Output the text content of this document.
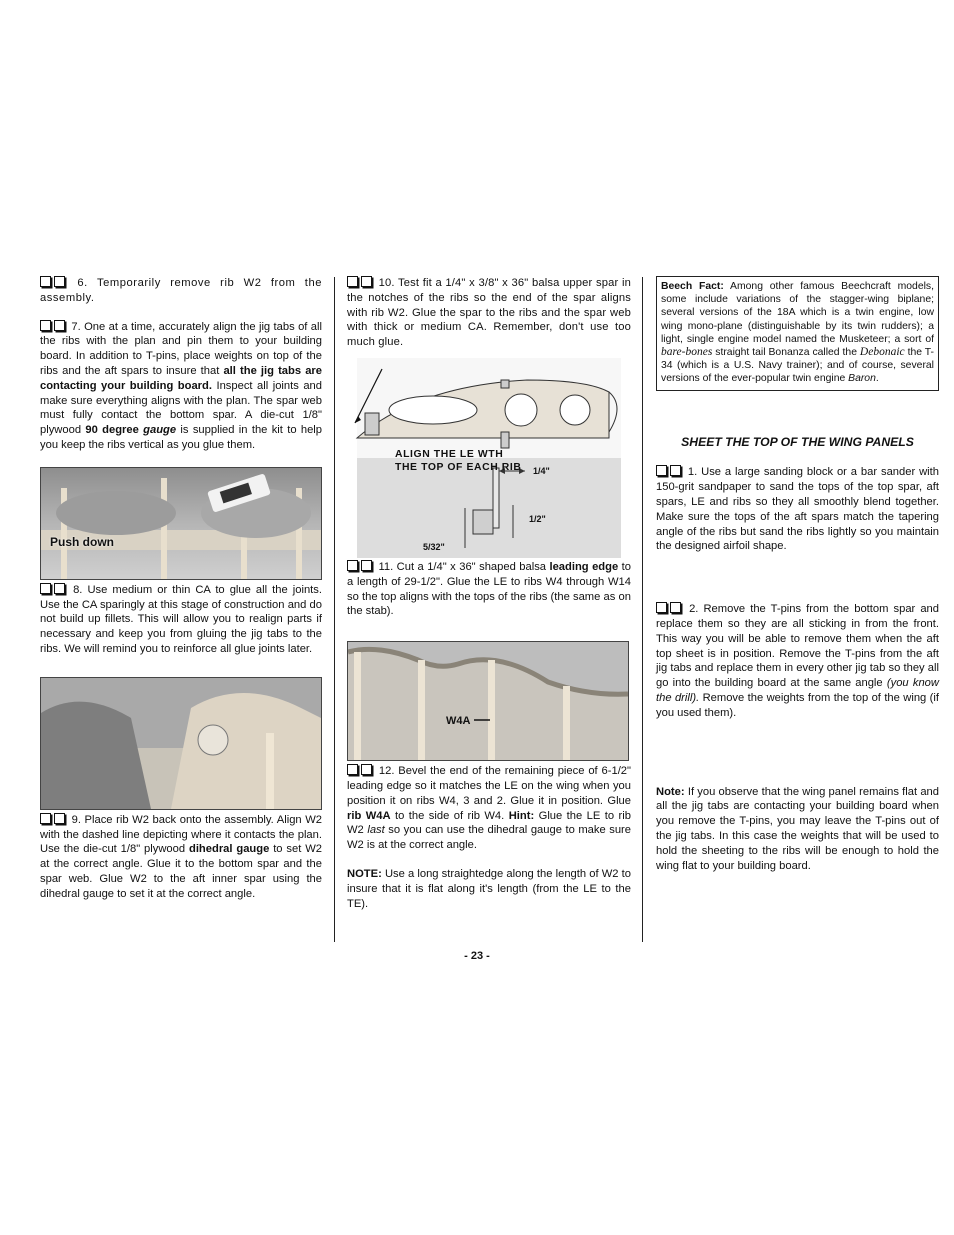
6. Temporarily remove rib W2 from the assembly.

7. One at a time, accurately align the jig tabs of all the ribs with the plan and pin them to your building board. In addition to T-pins, place weights on top of the ribs and the aft spars to insure that all the jig tabs are contacting your building board. Inspect all joints and make sure everything aligns with the plan. The spar web must fully contact the bottom spar. A die-cut 1/8" plywood 90 degree gauge is supplied in the kit to help you keep the ribs vertical as you glue them.

Push down

8. Use medium or thin CA to glue all the joints. Use the CA sparingly at this stage of construction and do not build up fillets. This will allow you to realign parts if necessary and keep you from gluing the jig tabs to the ribs. We will remind you to reinforce all glue joints later.

9. Place rib W2 back onto the assembly. Align W2 with the dashed line depicting where it contacts the plan. Use the die-cut 1/8" plywood dihedral gauge to set W2 at the correct angle. Glue it to the bottom spar and the spar web. Glue W2 to the aft inner spar using the dihedral gauge to set it at the correct angle.

10. Test fit a 1/4" x 3/8" x 36" balsa upper spar in the notches of the ribs so the end of the spar aligns with rib W2. Glue the spar to the ribs and the spar web with thick or medium CA. Remember, don't use too much glue.

ALIGN THE LE WTH
THE TOP OF EACH RIB 1/4"
1/2"
5/32"

11. Cut a 1/4" x 36" shaped balsa leading edge to a length of 29-1/2". Glue the LE to ribs W4 through W14 so the top aligns with the tops of the ribs (the same as on the stab).

W4A

12. Bevel the end of the remaining piece of 6-1/2" leading edge so it matches the LE on the wing when you position it on ribs W4, 3 and 2. Glue it in position. Glue rib W4A to the side of rib W4. Hint: Glue the LE to rib W2 last so you can use the dihedral gauge to make sure W2 is at the correct angle.

NOTE: Use a long straightedge along the length of W2 to insure that it is flat along it's length (from the LE to the TE).

Beech Fact: Among other famous Beechcraft models, some include variations of the stagger-wing biplane; several versions of the 18A which is a twin engine, low wing mono-plane (distinguishable by its twin rudders); a light, single engine model named the Musketeer; a sort of bare-bones straight tail Bonanza called the Debonaic the T-34 (which is a U.S. Navy trainer); and of course, several versions of the ever-popular twin engine Baron.

SHEET THE TOP OF THE WING PANELS

1. Use a large sanding block or a bar sander with 150-grit sandpaper to sand the tops of the top spar, aft spars, LE and ribs so they all smoothly blend together. Make sure the tops of the aft spars match the tapering angle of the ribs but sand the ribs lightly so you maintain the designed airfoil shape.

2. Remove the T-pins from the bottom spar and replace them so they are all sticking in from the front. This way you will be able to remove them when the aft top sheet is in position. Remove the T-pins from the aft jig tabs and replace them in every other jig tab so they all go into the building board at the same angle (you know the drill). Remove the weights from the top of the wing (if you used them).

Note: If you observe that the wing panel remains flat and all the jig tabs are contacting your building board when you remove the T-pins, you may leave the T-pins out of the jig tabs. In this case the weights that will be used to hold the sheeting to the ribs will be enough to hold the wing flat to your building board.

- 23 -
